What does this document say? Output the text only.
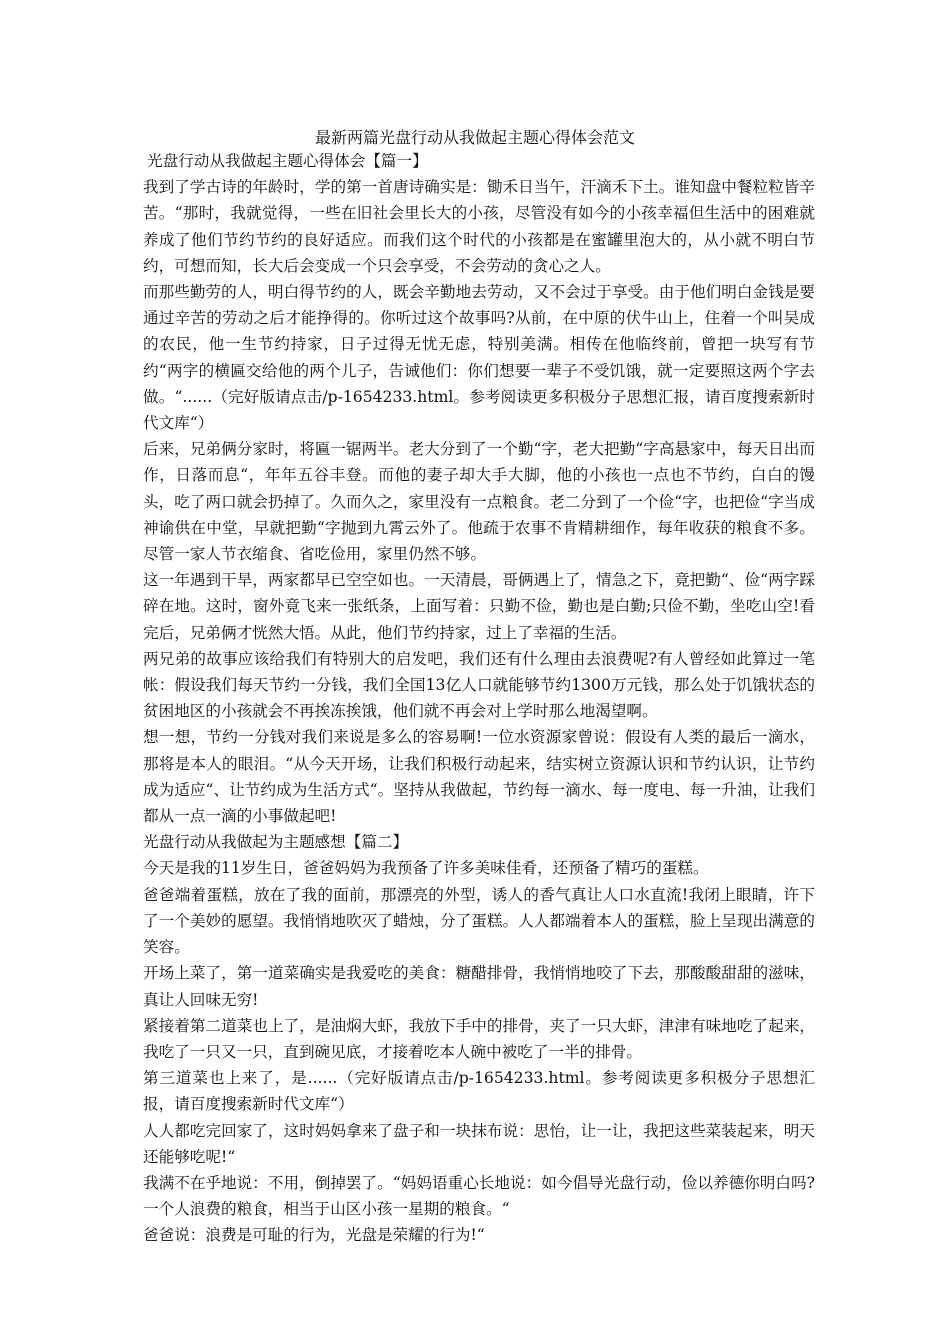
最新两篇光盘行动从我做起主题心得体会范文

光盘行动从我做起主题心得体会【篇一】

我到了学古诗的年龄时，学的第一首唐诗确实是：锄禾日当午，汗滴禾下土。谁知盘中餐粒粒皆辛苦。“那时，我就觉得，一些在旧社会里长大的小孩，尽管没有如今的小孩幸福但生活中的困难就养成了他们节约节约的良好适应。而我们这个时代的小孩都是在蜜罐里泡大的，从小就不明白节约，可想而知，长大后会变成一个只会享受，不会劳动的贪心之人。

而那些勤劳的人，明白得节约的人，既会辛勤地去劳动，又不会过于享受。由于他们明白金钱是要通过辛苦的劳动之后才能挣得的。你听过这个故事吗?从前，在中原的伏牛山上，住着一个叫吴成的农民，他一生节约持家，日子过得无忧无虑，特别美满。相传在他临终前，曾把一块写有节约“两字的横匾交给他的两个儿子，告诫他们：你们想要一辈子不受饥饿，就一定要照这两个字去做。“......（完好版请点击/p-1654233.html。参考阅读更多积极分子思想汇报，请百度搜索新时代文库“）

后来，兄弟俩分家时，将匾一锯两半。老大分到了一个勤“字，老大把勤“字高悬家中，每天日出而作，日落而息“，年年五谷丰登。而他的妻子却大手大脚，他的小孩也一点也不节约，白白的馒头，吃了两口就会扔掉了。久而久之，家里没有一点粮食。老二分到了一个俭“字，也把俭“字当成神谕供在中堂，早就把勤“字抛到九霄云外了。他疏于农事不肯精耕细作，每年收获的粮食不多。尽管一家人节衣缩食、省吃俭用，家里仍然不够。

这一年遇到干旱，两家都早已空空如也。一天清晨，哥俩遇上了，情急之下，竟把勤“、俭“两字踩碎在地。这时，窗外竟飞来一张纸条，上面写着：只勤不俭，勤也是白勤;只俭不勤，坐吃山空!看完后，兄弟俩才恍然大悟。从此，他们节约持家，过上了幸福的生活。

两兄弟的故事应该给我们有特别大的启发吧，我们还有什么理由去浪费呢?有人曾经如此算过一笔帐：假设我们每天节约一分钱，我们全国13亿人口就能够节约1300万元钱，那么处于饥饿状态的贫困地区的小孩就会不再挨冻挨饿，他们就不再会对上学时那么地渴望啊。

想一想，节约一分钱对我们来说是多么的容易啊!一位水资源家曾说：假设有人类的最后一滴水，那将是本人的眼泪。“从今天开场，让我们积极行动起来，结实树立资源认识和节约认识，让节约成为适应“、让节约成为生活方式“。坚持从我做起，节约每一滴水、每一度电、每一升油，让我们都从一点一滴的小事做起吧!

光盘行动从我做起为主题感想【篇二】

今天是我的11岁生日，爸爸妈妈为我预备了许多美味佳肴，还预备了精巧的蛋糕。

爸爸端着蛋糕，放在了我的面前，那漂亮的外型，诱人的香气真让人口水直流!我闭上眼睛，许下了一个美妙的愿望。我悄悄地吹灭了蜡烛，分了蛋糕。人人都端着本人的蛋糕，脸上呈现出满意的笑容。

开场上菜了，第一道菜确实是我爱吃的美食：糖醋排骨，我悄悄地咬了下去，那酸酸甜甜的滋味，真让人回味无穷!

紧接着第二道菜也上了，是油焖大虾，我放下手中的排骨，夹了一只大虾，津津有味地吃了起来，我吃了一只又一只，直到碗见底，才接着吃本人碗中被吃了一半的排骨。

第三道菜也上来了，是......（完好版请点击/p-1654233.html。参考阅读更多积极分子思想汇报，请百度搜索新时代文库“）

人人都吃完回家了，这时妈妈拿来了盘子和一块抹布说：思怡，让一让，我把这些菜装起来，明天还能够吃呢!“

我满不在乎地说：不用，倒掉罢了。“妈妈语重心长地说：如今倡导光盘行动，俭以养德你明白吗?一个人浪费的粮食，相当于山区小孩一星期的粮食。“

爸爸说：浪费是可耻的行为，光盘是荣耀的行为!“
